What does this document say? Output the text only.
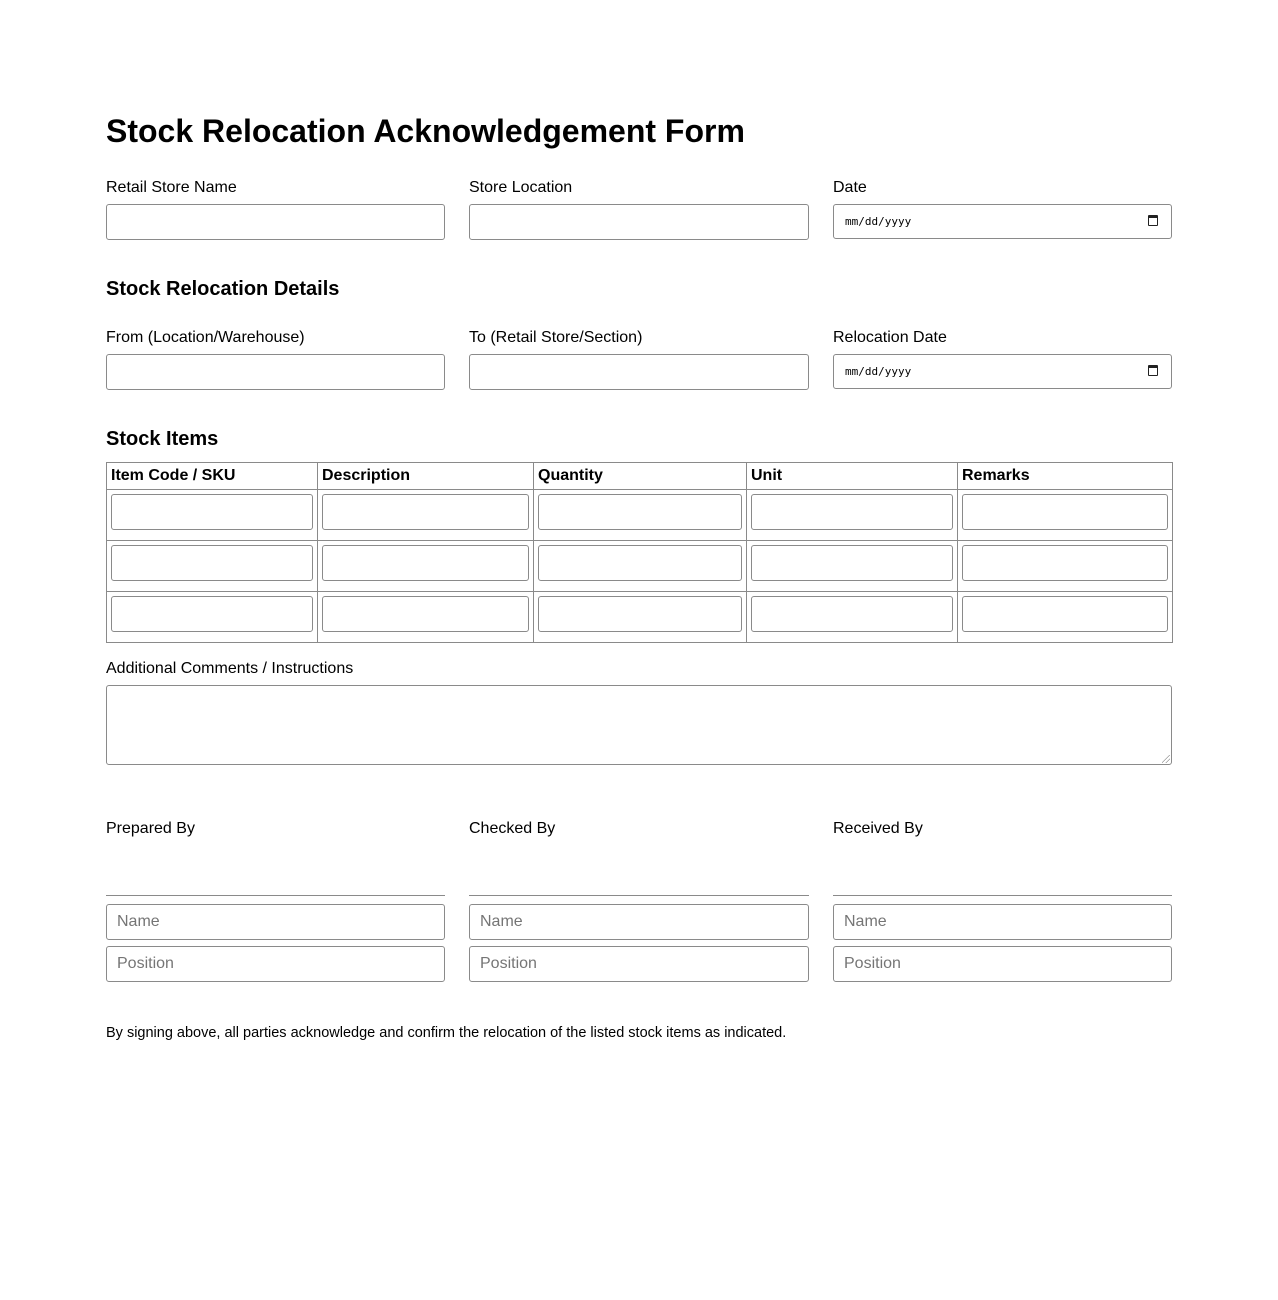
Stock Relocation Acknowledgement Form
Retail Store Name	Store Location	Date
mm/dd/yyyy
Stock Relocation Details
From (Location/Warehouse)	To (Retail Store/Section)	Relocation Date
mm/dd/yyyy
Stock Items
Item Code / SKU	Description	Quantity	Unit	Remarks

Additional Comments / Instructions
Prepared By	Checked By	Received By
Name	Name	Name
Position	Position	Position

By signing above, all parties acknowledge and confirm the relocation of the listed stock items as indicated.
